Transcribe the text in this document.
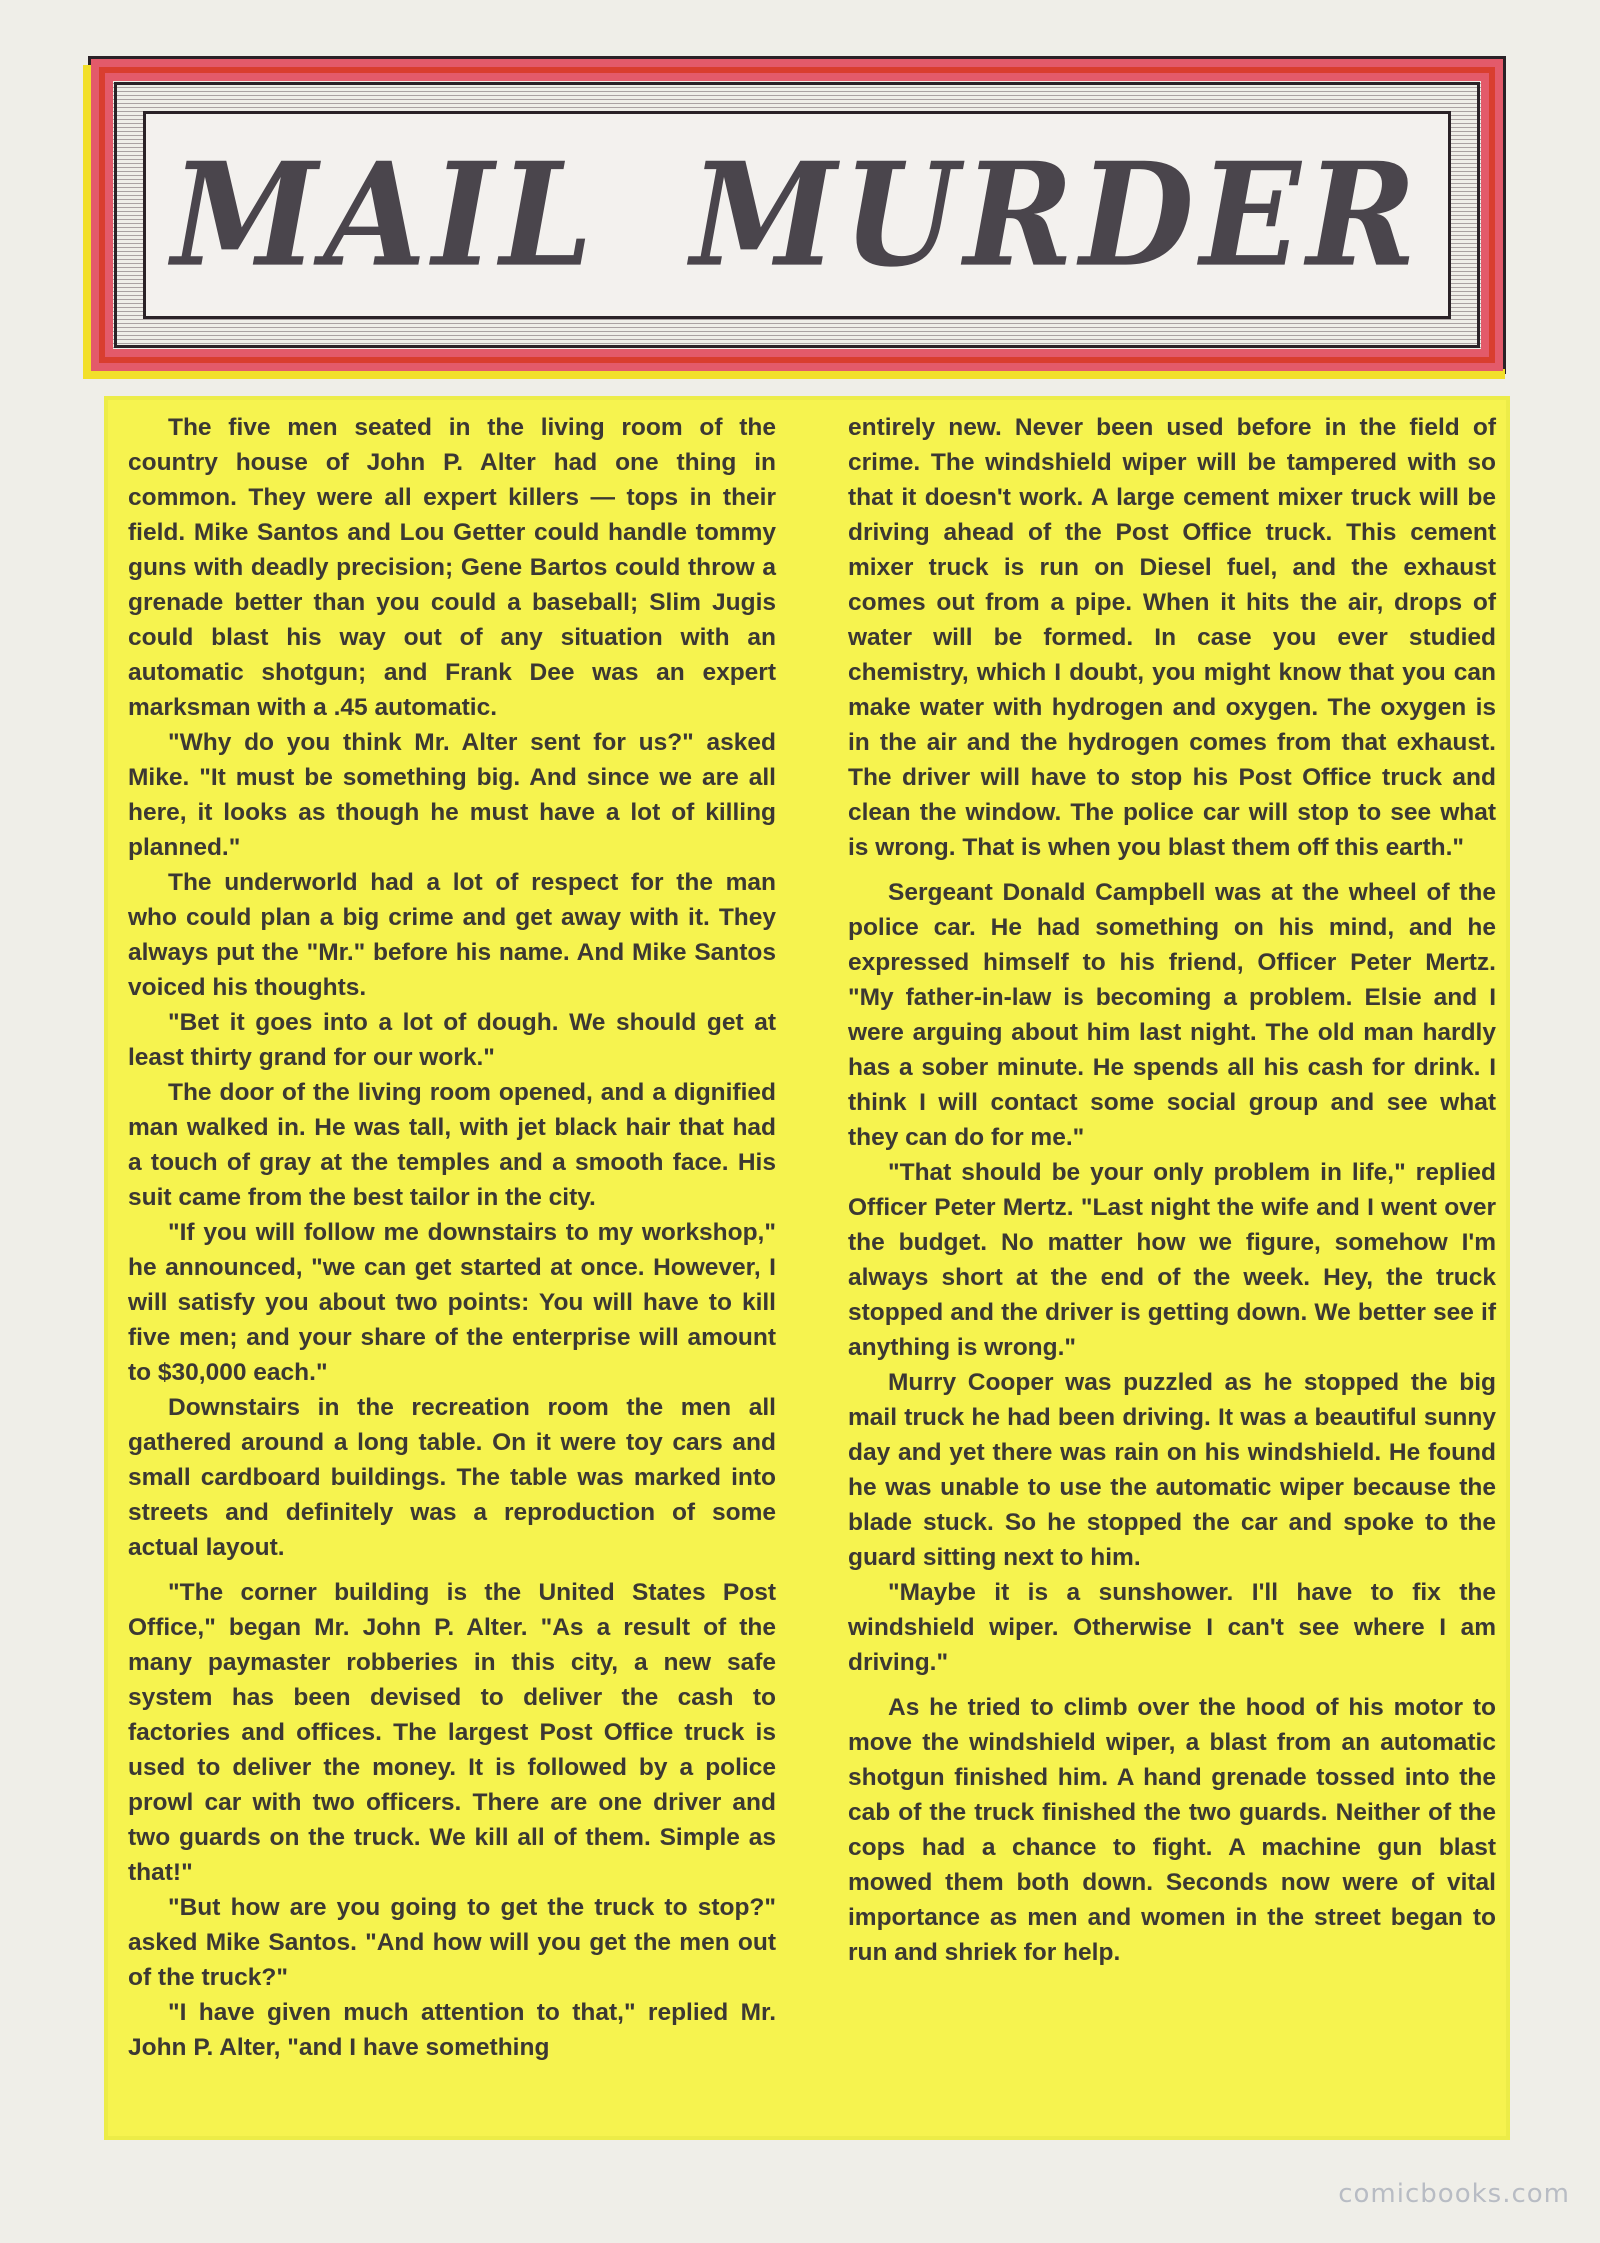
MAIL MURDER

The five men seated in the living room of the country house of John P. Alter had one thing in common. They were all expert killers — tops in their field. Mike Santos and Lou Getter could handle tommy guns with deadly precision; Gene Bartos could throw a grenade better than you could a baseball; Slim Jugis could blast his way out of any situation with an automatic shotgun; and Frank Dee was an expert marksman with a .45 automatic.

"Why do you think Mr. Alter sent for us?" asked Mike. "It must be something big. And since we are all here, it looks as though he must have a lot of killing planned."

The underworld had a lot of respect for the man who could plan a big crime and get away with it. They always put the "Mr." before his name. And Mike Santos voiced his thoughts.

"Bet it goes into a lot of dough. We should get at least thirty grand for our work."

The door of the living room opened, and a dignified man walked in. He was tall, with jet black hair that had a touch of gray at the temples and a smooth face. His suit came from the best tailor in the city.

"If you will follow me downstairs to my workshop," he announced, "we can get started at once. However, I will satisfy you about two points: You will have to kill five men; and your share of the enterprise will amount to $30,000 each."

Downstairs in the recreation room the men all gathered around a long table. On it were toy cars and small cardboard buildings. The table was marked into streets and definitely was a reproduction of some actual layout.

"The corner building is the United States Post Office," began Mr. John P. Alter. "As a result of the many paymaster robberies in this city, a new safe system has been devised to deliver the cash to factories and offices. The largest Post Office truck is used to deliver the money. It is followed by a police prowl car with two officers. There are one driver and two guards on the truck. We kill all of them. Simple as that!"

"But how are you going to get the truck to stop?" asked Mike Santos. "And how will you get the men out of the truck?"

"I have given much attention to that," replied Mr. John P. Alter, "and I have something

entirely new. Never been used before in the field of crime. The windshield wiper will be tampered with so that it doesn't work. A large cement mixer truck will be driving ahead of the Post Office truck. This cement mixer truck is run on Diesel fuel, and the exhaust comes out from a pipe. When it hits the air, drops of water will be formed. In case you ever studied chemistry, which I doubt, you might know that you can make water with hydrogen and oxygen. The oxygen is in the air and the hydrogen comes from that exhaust. The driver will have to stop his Post Office truck and clean the window. The police car will stop to see what is wrong. That is when you blast them off this earth."

Sergeant Donald Campbell was at the wheel of the police car. He had something on his mind, and he expressed himself to his friend, Officer Peter Mertz. "My father-in-law is becoming a problem. Elsie and I were arguing about him last night. The old man hardly has a sober minute. He spends all his cash for drink. I think I will contact some social group and see what they can do for me."

"That should be your only problem in life," replied Officer Peter Mertz. "Last night the wife and I went over the budget. No matter how we figure, somehow I'm always short at the end of the week. Hey, the truck stopped and the driver is getting down. We better see if anything is wrong."

Murry Cooper was puzzled as he stopped the big mail truck he had been driving. It was a beautiful sunny day and yet there was rain on his windshield. He found he was unable to use the automatic wiper because the blade stuck. So he stopped the car and spoke to the guard sitting next to him.

"Maybe it is a sunshower. I'll have to fix the windshield wiper. Otherwise I can't see where I am driving."

As he tried to climb over the hood of his motor to move the windshield wiper, a blast from an automatic shotgun finished him. A hand grenade tossed into the cab of the truck finished the two guards. Neither of the cops had a chance to fight. A machine gun blast mowed them both down. Seconds now were of vital importance as men and women in the street began to run and shriek for help.

comicbooks.com
